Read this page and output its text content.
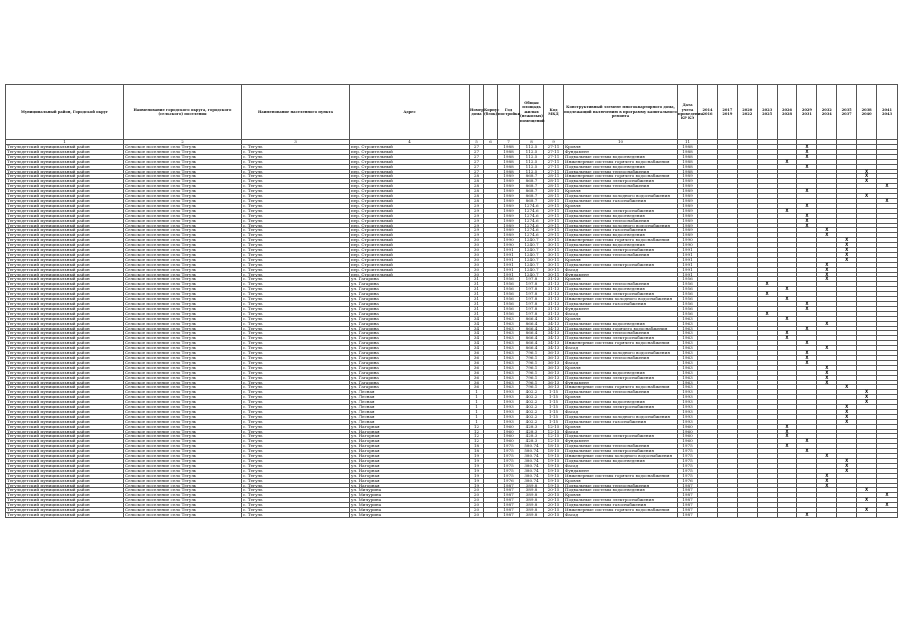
Муниципальный район, Городской округ	Наименование городского округа, городского (сельского) поселения	Наименование населенного пункта	Адрес	Номер дома	Корпус (блок)	Год постройки	Общая площадь жилых (нежилых) помещений	Код МКД	Конструктивный элемент многоквартирного дома, подлежащий включению в программу капитального ремонта	Дата учета проведения КР КЭ	2014 2016	2017 2019	2020 2022	2023 2025	2026 2028	2029 2031	2032 2034	2035 2037	2038 2040	2041 2043
1	2	3	4	5	6	7	8	9	10	11										
Тегульдетский муниципальный район	Сельское поселение село Тегуль	с. Тегуль	пер. Строительный	27		1988	112.5	27-11	Кровля	1988						X				
Тегульдетский муниципальный район	Сельское поселение село Тегуль	с. Тегуль	пер. Строительный	27		1988	112.5	27-11	Фундамент	1988						X				
Тегульдетский муниципальный район	Сельское поселение село Тегуль	с. Тегуль	пер. Строительный	27		1988	112.5	27-11	Подвальные системы водоотведения	1988						X				
Тегульдетский муниципальный район	Сельское поселение село Тегуль	с. Тегуль	пер. Строительный	27		1988	112.5	27-11	Инженерные системы горячего водоснабжения	1988					X					
Тегульдетский муниципальный район	Сельское поселение село Тегуль	с. Тегуль	пер. Строительный	27		1988	112.5	27-11	Подвальные системы водоотведения	1988						X				
Тегульдетский муниципальный район	Сельское поселение село Тегуль	с. Тегуль	пер. Строительный	27		1988	112.5	27-11	Подвальные системы теплоснабжения	1988									X	
Тегульдетский муниципальный район	Сельское поселение село Тегуль	с. Тегуль	пер. Строительный	28		1989	868.7	28-11	Инженерные системы горячего водоснабжения	1989									X	
Тегульдетский муниципальный район	Сельское поселение село Тегуль	с. Тегуль	пер. Строительный	28		1989	868.7	28-11	Подвальные системы электроснабжения	1989									X	
Тегульдетский муниципальный район	Сельское поселение село Тегуль	с. Тегуль	пер. Строительный	28		1989	868.7	28-11	Подвальные системы теплоснабжения	1989										X
Тегульдетский муниципальный район	Сельское поселение село Тегуль	с. Тегуль	пер. Строительный	28		1989	868.7	28-11	Кровля	1989						X				
Тегульдетский муниципальный район	Сельское поселение село Тегуль	с. Тегуль	пер. Строительный	28		1989	868.7	28-11	Подвальные системы холодного водоснабжения	1989									X	
Тегульдетский муниципальный район	Сельское поселение село Тегуль	с. Тегуль	пер. Строительный	28		1989	868.7	28-11	Подвальные системы газоснабжения	1989										X
Тегульдетский муниципальный район	Сельское поселение село Тегуль	с. Тегуль	пер. Строительный	29		1989	1274.6	29-11	Кровля	1989						X				
Тегульдетский муниципальный район	Сельское поселение село Тегуль	с. Тегуль	пер. Строительный	29		1989	1274.6	29-11	Подвальные системы электроснабжения	1989					X					
Тегульдетский муниципальный район	Сельское поселение село Тегуль	с. Тегуль	пер. Строительный	29		1989	1274.6	29-11	Подвальные системы водоотведения	1989						X				
Тегульдетский муниципальный район	Сельское поселение село Тегуль	с. Тегуль	пер. Строительный	29		1989	1274.6	29-11	Подвальные системы теплоснабжения	1989						X				
Тегульдетский муниципальный район	Сельское поселение село Тегуль	с. Тегуль	пер. Строительный	29		1989	1274.6	29-11	Подвальные системы холодного водоснабжения	1989						X				
Тегульдетский муниципальный район	Сельское поселение село Тегуль	с. Тегуль	пер. Строительный	29		1989	1274.6	29-11	Подвальные системы газоснабжения	1989							X			
Тегульдетский муниципальный район	Сельское поселение село Тегуль	с. Тегуль	пер. Строительный	29		1989	1274.6	29-11	Подвальные системы водоотведения	1989							X			
Тегульдетский муниципальный район	Сельское поселение село Тегуль	с. Тегуль	пер. Строительный	30		1990	1240.7	30-11	Инженерные системы горячего водоснабжения	1990								X		
Тегульдетский муниципальный район	Сельское поселение село Тегуль	с. Тегуль	пер. Строительный	30		1990	1240.7	30-11	Подвальные системы водоотведения	1990								X		
Тегульдетский муниципальный район	Сельское поселение село Тегуль	с. Тегуль	пер. Строительный	30		1991	1240.7	30-11	Подвальные системы электроснабжения	1991								X		
Тегульдетский муниципальный район	Сельское поселение село Тегуль	с. Тегуль	пер. Строительный	30		1991	1240.7	30-11	Подвальные системы теплоснабжения	1991								X		
Тегульдетский муниципальный район	Сельское поселение село Тегуль	с. Тегуль	пер. Строительный	30		1991	1240.7	30-11	Кровля	1991								X		
Тегульдетский муниципальный район	Сельское поселение село Тегуль	с. Тегуль	пер. Строительный	30		1991	1240.7	30-11	Подвальные системы электроснабжения	1991							X			
Тегульдетский муниципальный район	Сельское поселение село Тегуль	с. Тегуль	пер. Строительный	30		1991	1240.7	30-11	Фасад	1991							X			
Тегульдетский муниципальный район	Сельское поселение село Тегуль	с. Тегуль	пер. Строительный	30		1991	1240.7	30-11	Фундамент	1991							X			
Тегульдетский муниципальный район	Сельское поселение село Тегуль	с. Тегуль	ул. Гагарина	31		1956	197.8	31-13	Кровля	1956							X			
Тегульдетский муниципальный район	Сельское поселение село Тегуль	с. Тегуль	ул. Гагарина	31		1956	197.8	31-13	Подвальные системы теплоснабжения	1956				X						
Тегульдетский муниципальный район	Сельское поселение село Тегуль	с. Тегуль	ул. Гагарина	31		1956	197.8	31-13	Подвальные системы водоотведения	1956					X					
Тегульдетский муниципальный район	Сельское поселение село Тегуль	с. Тегуль	ул. Гагарина	31		1956	197.8	31-13	Подвальные системы электроснабжения	1956				X						
Тегульдетский муниципальный район	Сельское поселение село Тегуль	с. Тегуль	ул. Гагарина	31		1956	197.8	31-13	Инженерные системы холодного водоснабжения	1956					X					
Тегульдетский муниципальный район	Сельское поселение село Тегуль	с. Тегуль	ул. Гагарина	31		1956	197.8	31-13	Подвальные системы газоснабжения	1956						X				
Тегульдетский муниципальный район	Сельское поселение село Тегуль	с. Тегуль	ул. Гагарина	31		1956	197.8	31-13	Фундамент	1956						X				
Тегульдетский муниципальный район	Сельское поселение село Тегуль	с. Тегуль	ул. Гагарина	31		1956	197.8	31-13	Фасад	1956				X						
Тегульдетский муниципальный район	Сельское поселение село Тегуль	с. Тегуль	ул. Гагарина	34		1963	866.4	34-13	Кровля	1963					X					
Тегульдетский муниципальный район	Сельское поселение село Тегуль	с. Тегуль	ул. Гагарина	34		1963	866.4	34-13	Подвальные системы водоотведения	1963							X			
Тегульдетский муниципальный район	Сельское поселение село Тегуль	с. Тегуль	ул. Гагарина	34		1963	866.4	34-13	Подвальные системы горячего водоснабжения	1963						X				
Тегульдетский муниципальный район	Сельское поселение село Тегуль	с. Тегуль	ул. Гагарина	34		1963	866.4	34-13	Подвальные системы теплоснабжения	1963					X					
Тегульдетский муниципальный район	Сельское поселение село Тегуль	с. Тегуль	ул. Гагарина	34		1963	866.4	34-13	Подвальные системы электроснабжения	1963					X					
Тегульдетский муниципальный район	Сельское поселение село Тегуль	с. Тегуль	ул. Гагарина	34		1963	866.4	34-13	Инженерные системы горячего водоснабжения	1963						X				
Тегульдетский муниципальный район	Сельское поселение село Тегуль	с. Тегуль	ул. Гагарина	34		1963	866.4	34-13	Фасад	1963							X			
Тегульдетский муниципальный район	Сельское поселение село Тегуль	с. Тегуль	ул. Гагарина	36		1963	796.1	36-13	Подвальные системы холодного водоснабжения	1963						X				
Тегульдетский муниципальный район	Сельское поселение село Тегуль	с. Тегуль	ул. Гагарина	36		1963	796.1	36-13	Подвальные системы теплоснабжения	1963						X				
Тегульдетский муниципальный район	Сельское поселение село Тегуль	с. Тегуль	ул. Гагарина	36		1963	796.1	36-13	Фасад	1963						X				
Тегульдетский муниципальный район	Сельское поселение село Тегуль	с. Тегуль	ул. Гагарина	36		1963	796.1	36-13	Кровля	1963							X			
Тегульдетский муниципальный район	Сельское поселение село Тегуль	с. Тегуль	ул. Гагарина	36		1963	796.1	36-13	Подвальные системы водоотведения	1963							X			
Тегульдетский муниципальный район	Сельское поселение село Тегуль	с. Тегуль	ул. Гагарина	36		1963	796.1	36-13	Подвальные системы электроснабжения	1963							X			
Тегульдетский муниципальный район	Сельское поселение село Тегуль	с. Тегуль	ул. Гагарина	36		1963	796.1	36-13	Фундамент	1963							X			
Тегульдетский муниципальный район	Сельское поселение село Тегуль	с. Тегуль	ул. Гагарина	36		1963	796.1	36-13	Инженерные системы горячего водоснабжения	1963								X		
Тегульдетский муниципальный район	Сельское поселение село Тегуль	с. Тегуль	ул. Лесная	1		1993	402.2	1-15	Подвальные системы теплоснабжения	1993									X	
Тегульдетский муниципальный район	Сельское поселение село Тегуль	с. Тегуль	ул. Лесная	1		1993	402.2	1-15	Кровля	1993									X	
Тегульдетский муниципальный район	Сельское поселение село Тегуль	с. Тегуль	ул. Лесная	1		1993	402.2	1-15	Подвальные системы водоотведения	1993									X	
Тегульдетский муниципальный район	Сельское поселение село Тегуль	с. Тегуль	ул. Лесная	1		1993	402.2	1-15	Подвальные системы электроснабжения	1993								X		
Тегульдетский муниципальный район	Сельское поселение село Тегуль	с. Тегуль	ул. Лесная	1		1993	402.2	1-15	Фасад	1993								X		
Тегульдетский муниципальный район	Сельское поселение село Тегуль	с. Тегуль	ул. Лесная	1		1993	402.2	1-15	Подвальные системы холодного водоснабжения	1993								X		
Тегульдетский муниципальный район	Сельское поселение село Тегуль	с. Тегуль	ул. Лесная	1		1993	402.2	1-15	Подвальные системы газоснабжения	1993								X		
Тегульдетский муниципальный район	Сельское поселение село Тегуль	с. Тегуль	ул. Нагорная	12		1960	428.3	12-15	Кровля	1960					X					
Тегульдетский муниципальный район	Сельское поселение село Тегуль	с. Тегуль	ул. Нагорная	12		1960	428.3	12-15	Фасад	1960					X					
Тегульдетский муниципальный район	Сельское поселение село Тегуль	с. Тегуль	ул. Нагорная	12		1960	428.3	12-15	Подвальные системы электроснабжения	1960					X					
Тегульдетский муниципальный район	Сельское поселение село Тегуль	с. Тегуль	ул. Нагорная	12		1960	428.3	12-15	Фундамент	1960						X				
Тегульдетский муниципальный район	Сельское поселение село Тегуль	с. Тегуль	ул. Нагорная	18		1975	580.74	18-15	Подвальные системы теплоснабжения	1975					X					
Тегульдетский муниципальный район	Сельское поселение село Тегуль	с. Тегуль	ул. Нагорная	18		1975	580.74	18-15	Подвальные системы электроснабжения	1975						X				
Тегульдетский муниципальный район	Сельское поселение село Тегуль	с. Тегуль	ул. Нагорная	19		1975	380.74	19-15	Инженерные системы холодного водоснабжения	1975							X			
Тегульдетский муниципальный район	Сельское поселение село Тегуль	с. Тегуль	ул. Нагорная	19		1975	380.74	19-15	Подвальные системы водоотведения	1975								X		
Тегульдетский муниципальный район	Сельское поселение село Тегуль	с. Тегуль	ул. Нагорная	19		1975	380.74	19-15	Фасад	1975								X		
Тегульдетский муниципальный район	Сельское поселение село Тегуль	с. Тегуль	ул. Нагорная	19		1975	380.74	19-15	Фундамент	1975								X		
Тегульдетский муниципальный район	Сельское поселение село Тегуль	с. Тегуль	ул. Нагорная	19		1975	380.74	19-15	Инженерные системы горячего водоснабжения	1975							X			
Тегульдетский муниципальный район	Сельское поселение село Тегуль	с. Тегуль	ул. Нагорная	19		1976	380.74	19-15	Кровля	1976							X			
Тегульдетский муниципальный район	Сельское поселение село Тегуль	с. Тегуль	ул. Нагорная	19		1987	389.8	19-15	Подвальные системы теплоснабжения	1987							X			
Тегульдетский муниципальный район	Сельское поселение село Тегуль	с. Тегуль	ул. Мичурина	20		1987	389.8	20-15	Подвальные системы водоотведения	1987									X	
Тегульдетский муниципальный район	Сельское поселение село Тегуль	с. Тегуль	ул. Мичурина	20		1987	389.8	20-15	Кровля	1987										X
Тегульдетский муниципальный район	Сельское поселение село Тегуль	с. Тегуль	ул. Мичурина	20		1987	389.8	20-15	Подвальные системы электроснабжения	1987									X	
Тегульдетский муниципальный район	Сельское поселение село Тегуль	с. Тегуль	ул. Мичурина	20		1987	389.8	20-15	Подвальные системы газоснабжения	1987										X
Тегульдетский муниципальный район	Сельское поселение село Тегуль	с. Тегуль	ул. Мичурина	20		1987	389.8	20-15	Инженерные системы горячего водоснабжения	1987									X	
Тегульдетский муниципальный район	Сельское поселение село Тегуль	с. Тегуль	ул. Мичурина	20		1987	389.8	20-15	Фасад	1987						X				
